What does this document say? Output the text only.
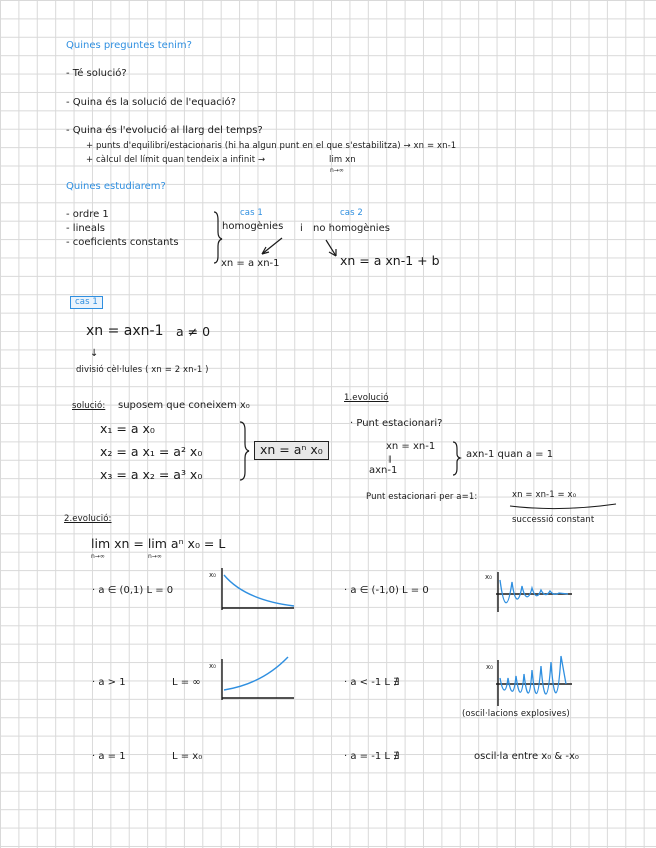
Quines preguntes tenim?
- Té solució?
- Quina és la solució de l'equació?
- Quina és l'evolució al llarg del temps?
+ punts d'equilibri/estacionaris (hi ha algun punt en el que s'estabilitza) → xn = xn-1
+ càlcul del límit quan tendeix a infinit →	lim xn
n→∞
Quines estudiarem?
- ordre 1
- lineals
- coeficients constants
cas 1	cas 2
homogènies i no homogènies
xn = a xn-1	xn = a xn-1 + b
cas 1
xn = axn-1 a ≠ 0
↓
divisió cèl·lules ( xn = 2 xn-1 )
solució: suposem que coneixem x₀
x₁ = a x₀
x₂ = a x₁ = a² x₀
x₃ = a x₂ = a³ x₀
xn = aⁿ x₀
1.evolució
· Punt estacionari?
xn = xn-1
‖
axn-1
axn-1 quan a = 1
Punt estacionari per a=1:	xn = xn-1 = x₀
successió constant
2.evolució:
lim xn = lim aⁿ x₀ = L
n→∞	n→∞
· a ∈ (0,1) L = 0	· a ∈ (-1,0) L = 0
· a > 1	L = ∞	· a < -1 L ∄
(oscil·lacions explosives)
· a = 1	L = x₀	· a = -1 L ∄	oscil·la entre x₀ & -x₀
x₀	x₀
x₀	x₀
